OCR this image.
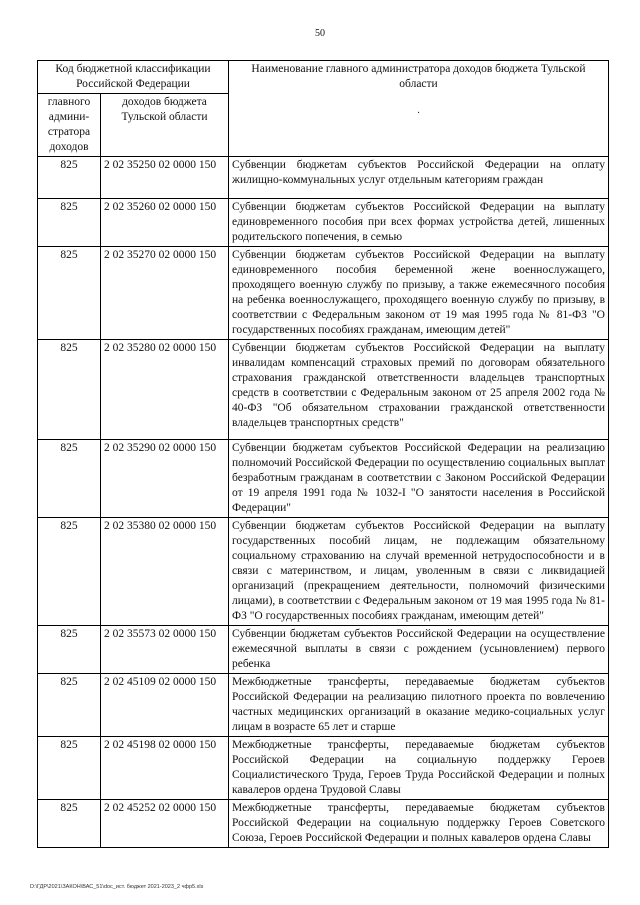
50
Код бюджетной классификации Российской Федерации		Наименование главного администратора доходов бюджета Тульской области
·

главного админи-стратора доходов	доходов бюджета Тульской области	
825	2 02 35250 02 0000 150	Субвенции бюджетам субъектов Российской Федерации на оплату жилищно-коммунальных услуг отдельным категориям граждан
825	2 02 35260 02 0000 150	Субвенции бюджетам субъектов Российской Федерации на выплату единовременного пособия при всех формах устройства детей, лишенных родительского попечения, в семью
825	2 02 35270 02 0000 150	Субвенции бюджетам субъектов Российской Федерации на выплату единовременного пособия беременной жене военнослужащего, проходящего военную службу по призыву, а также ежемесячного пособия на ребенка военнослужащего, проходящего военную службу по призыву, в соответствии с Федеральным законом от 19 мая 1995 года № 81-ФЗ "О государственных пособиях гражданам, имеющим детей"
825	2 02 35280 02 0000 150	Субвенции бюджетам субъектов Российской Федерации на выплату инвалидам компенсаций страховых премий по договорам обязательного страхования гражданской ответственности владельцев транспортных средств в соответствии с Федеральным законом от 25 апреля 2002 года № 40-ФЗ "Об обязательном страховании гражданской ответственности владельцев транспортных средств"
825	2 02 35290 02 0000 150	Субвенции бюджетам субъектов Российской Федерации на реализацию полномочий Российской Федерации по осуществлению социальных выплат безработным гражданам в соответствии с Законом Российской Федерации от 19 апреля 1991 года № 1032-I "О занятости населения в Российской Федерации"
825	2 02 35380 02 0000 150	Субвенции бюджетам субъектов Российской Федерации на выплату государственных пособий лицам, не подлежащим обязательному социальному страхованию на случай временной нетрудоспособности и в связи с материнством, и лицам, уволенным в связи с ликвидацией организаций (прекращением деятельности, полномочий физическими лицами), в соответствии с Федеральным законом от 19 мая 1995 года № 81-ФЗ "О государственных пособиях гражданам, имеющим детей"
825	2 02 35573 02 0000 150	Субвенции бюджетам субъектов Российской Федерации на осуществление ежемесячной выплаты в связи с рождением (усыновлением) первого ребенка
825	2 02 45109 02 0000 150	Межбюджетные трансферты, передаваемые бюджетам субъектов Российской Федерации на реализацию пилотного проекта по вовлечению частных медицинских организаций в оказание медико-социальных услуг лицам в возрасте 65 лет и старше
825	2 02 45198 02 0000 150	Межбюджетные трансферты, передаваемые бюджетам субъектов Российской Федерации на социальную поддержку Героев Социалистического Труда, Героев Труда Российской Федерации и полных кавалеров ордена Трудовой Славы
825	2 02 45252 02 0000 150	Межбюджетные трансферты, передаваемые бюджетам субъектов Российской Федерации на социальную поддержку Героев Советского Союза, Героев Российской Федерации и полных кавалеров ордена Славы
D:\ГДР\2021\ЗАКОН\ВАС_51\doc_ист. бюджет 2021-2023_2 чфр5.xls
